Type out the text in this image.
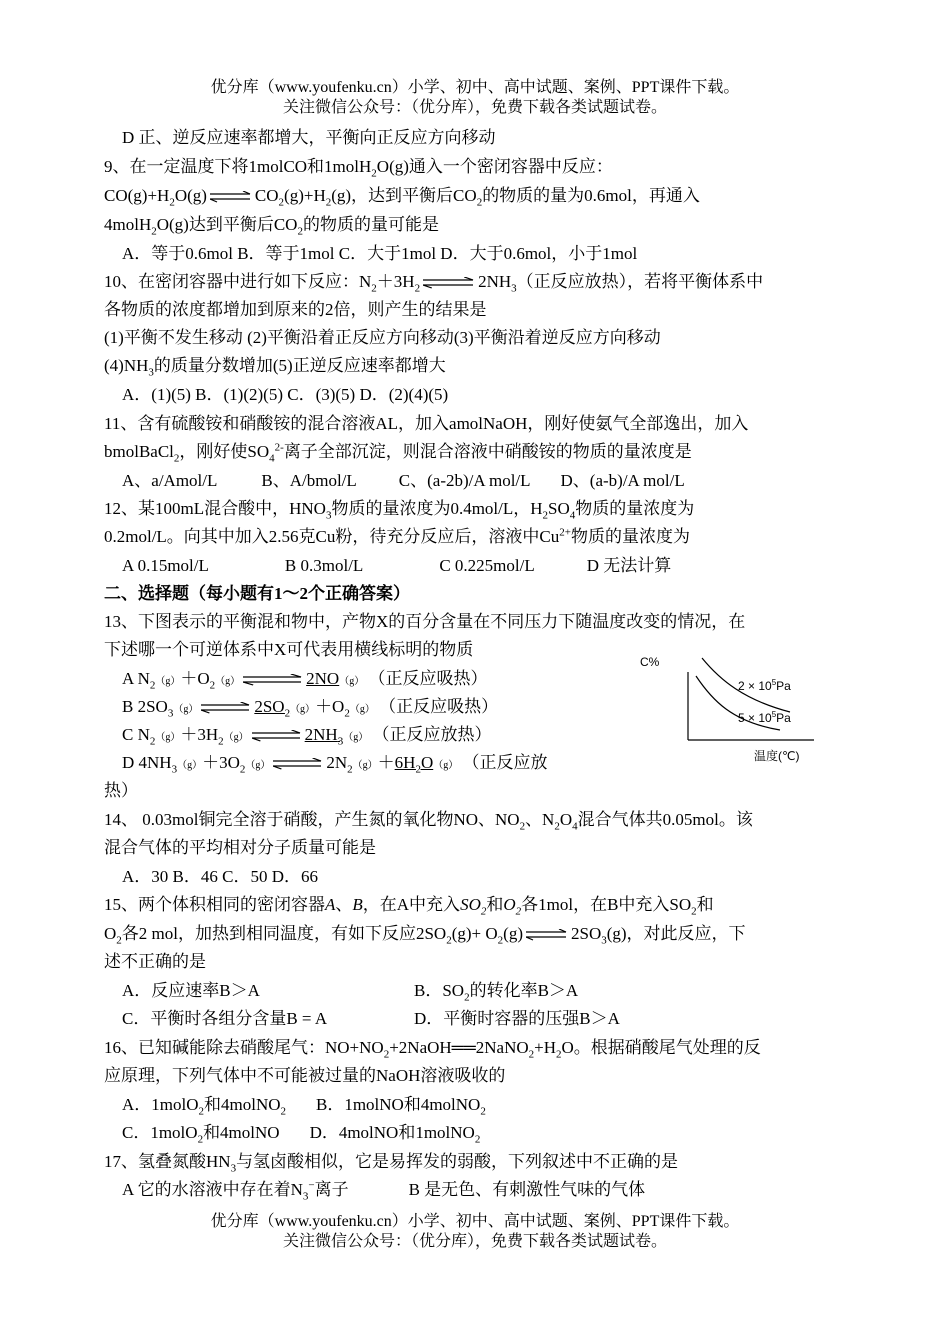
优分库（www.youfenku.cn）小学、初中、高中试题、案例、PPT课件下载。
关注微信公众号：（优分库），免费下载各类试题试卷。
D 正、逆反应速率都增大，平衡向正反应方向移动
9、在一定温度下将1molCO和1molH$_2$O(g)通入一个密闭容器中反应：
$CO(g)+H_2O(g)$	$CO_2(g)+H_2(g)$，达到平衡后$CO_2$的物质的量为0.6mol，再通入
4molH$_2$O(g)达到平衡后$CO_2$的物质的量可能是
A．等于0.6mol B．等于1mol C．大于1mol D．大于0.6mol，小于1mol
10、在密闭容器中进行如下反应：$N_2+3H_2$	$2NH_3$（正反应放热），若将平衡体系中
各物质的浓度都增加到原来的2倍，则产生的结果是
(1)平衡不发生移动 (2)平衡沿着正反应方向移动(3)平衡沿着逆反应方向移动
$(4)NH_3$的质量分数增加(5)正逆反应速率都增大
A．(1)(5) B．(1)(2)(5) C．(3)(5) D．(2)(4)(5)
11、含有硫酸铵和硝酸铵的混合溶液AL，加入amolNaOH，刚好使氨气全部逸出，加入
bmolBaCl$_2$，刚好使$SO_4^{2-}$离子全部沉淀，则混合溶液中硝酸铵的物质的量浓度是
A、a/Amol/L	B、A/bmol/L C、(a-2b)/A mol/L D、(a-b)/A mol/L
12、某100mL混合酸中，$HNO_3$物质的量浓度为0.4mol/L，$H_2SO_4$物质的量浓度为
0.2mol/L。向其中加入2.56克Cu粉，待充分反应后，溶液中$Cu^{2+}$物质的量浓度为
A 0.15mol/L	B 0.3mol/L	C 0.225mol/L	D 无法计算
二、选择题（每小题有1～2个正确答案）
13、下图表示的平衡混和物中，产物X的百分含量在不同压力下随温度改变的情况，在
下述哪一个可逆体系中X可代表用横线标明的物质
A $N_2(g)+O_2(g)$	2NO（g） （正反应吸热）
B $2SO_3(g)$	$2SO_2(g)+O_2(g)$ （正反应吸热）
C $N_2(g)+3H_2(g)$	$2NH_3(g)$ （正反应放热）
D $4NH_3(g)+3O_2(g)$	$2N_2(g)+6H_2O(g)$ （正反应放
热）
C%
$2 \times 10^5Pa$
$5 \times 10^5Pa$
温度(℃)
14、 0.03mol铜完全溶于硝酸，产生氮的氧化物NO、$NO_2$、$N_2O_4$混合气体共0.05mol。该
混合气体的平均相对分子质量可能是
A．30 B．46 C．50 D．66
15、两个体积相同的密闭容器A、B，在A中充入$SO_2$和$O_2$各1mol，在B中充入$SO_2$和
$O_2$各2 mol，加热到相同温度，有如下反应$2SO_2(g)+ O_2(g)$	$2SO_3(g)$，对此反应，下
述不正确的是
A．反应速率B＞A	B．$SO_2$的转化率B＞A
C．平衡时各组分含量B = A	D．平衡时容器的压强B＞A
16、已知碱能除去硝酸尾气：$NO+NO_2+2NaOH══2NaNO_2+H_2O$。根据硝酸尾气处理的反
应原理，下列气体中不可能被过量的NaOH溶液吸收的
A．1molO$_2$和4molNO$_2$ B．1molNO和4molNO$_2$
C．1molO$_2$和4molNO D．4molNO和1molNO$_2$
17、氢叠氮酸$HN_3$与氢卤酸相似，它是易挥发的弱酸，下列叙述中不正确的是
A 它的水溶液中存在着$N_3^-$离子	B 是无色、有刺激性气味的气体
优分库（www.youfenku.cn）小学、初中、高中试题、案例、PPT课件下载。
关注微信公众号：（优分库），免费下载各类试题试卷。
